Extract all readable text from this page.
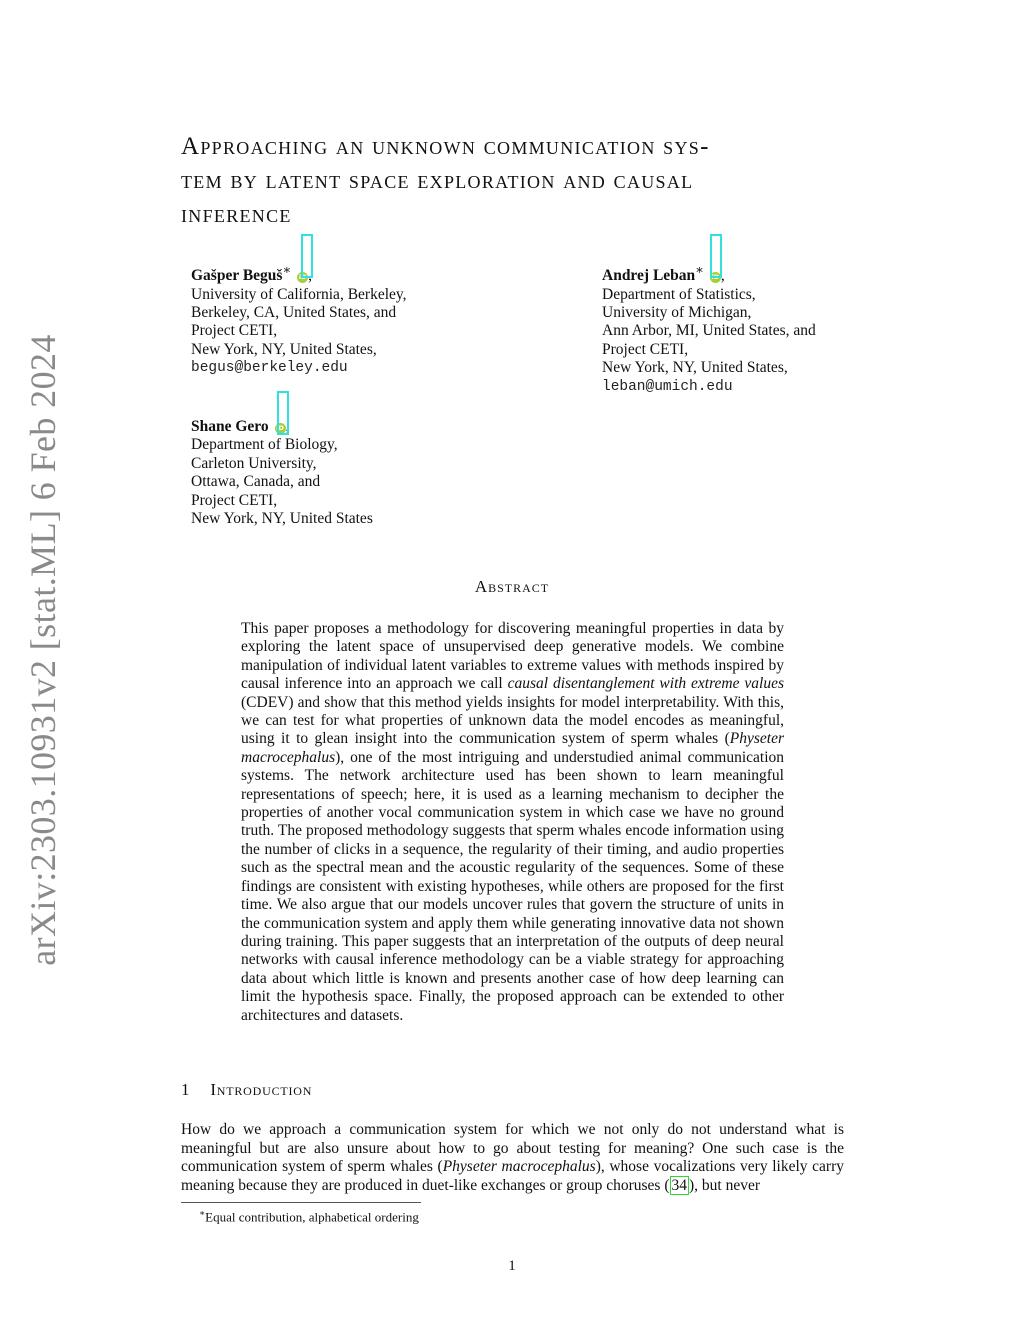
arXiv:2303.10931v2 [stat.ML] 6 Feb 2024
Approaching an unknown communication sys-
tem by latent space exploration and causal
inference
Gašper Beguš∗ iD ,
University of California, Berkeley,
Berkeley, CA, United States, and
Project CETI,
New York, NY, United States,
begus@berkeley.edu
Andrej Leban∗ iD ,
Department of Statistics,
University of Michigan,
Ann Arbor, MI, United States, and
Project CETI,
New York, NY, United States,
leban@umich.edu
Shane Gero iD ,
Department of Biology,
Carleton University,
Ottawa, Canada, and
Project CETI,
New York, NY, United States
Abstract
This paper proposes a methodology for discovering meaningful properties in data by exploring the latent space of unsupervised deep generative models. We combine manipulation of individual latent variables to extreme values with methods inspired by causal inference into an approach we call causal disentanglement with extreme values (CDEV) and show that this method yields insights for model interpretability. With this, we can test for what properties of unknown data the model encodes as meaningful, using it to glean insight into the communication system of sperm whales (Physeter macrocephalus), one of the most intriguing and understudied animal communication systems. The network architecture used has been shown to learn meaningful representations of speech; here, it is used as a learning mechanism to decipher the properties of another vocal communication system in which case we have no ground truth. The proposed methodology suggests that sperm whales encode information using the number of clicks in a sequence, the regularity of their timing, and audio properties such as the spectral mean and the acoustic regularity of the sequences. Some of these findings are consistent with existing hypotheses, while others are proposed for the first time. We also argue that our models uncover rules that govern the structure of units in the communication system and apply them while generating innovative data not shown during training. This paper suggests that an interpretation of the outputs of deep neural networks with causal inference methodology can be a viable strategy for approaching data about which little is known and presents another case of how deep learning can limit the hypothesis space. Finally, the proposed approach can be extended to other architectures and datasets.
1 Introduction
How do we approach a communication system for which we not only do not understand what is meaningful but are also unsure about how to go about testing for meaning? One such case is the communication system of sperm whales (Physeter macrocephalus), whose vocalizations very likely carry meaning because they are produced in duet-like exchanges or group choruses ( 34 ), but never
∗Equal contribution, alphabetical ordering
1
